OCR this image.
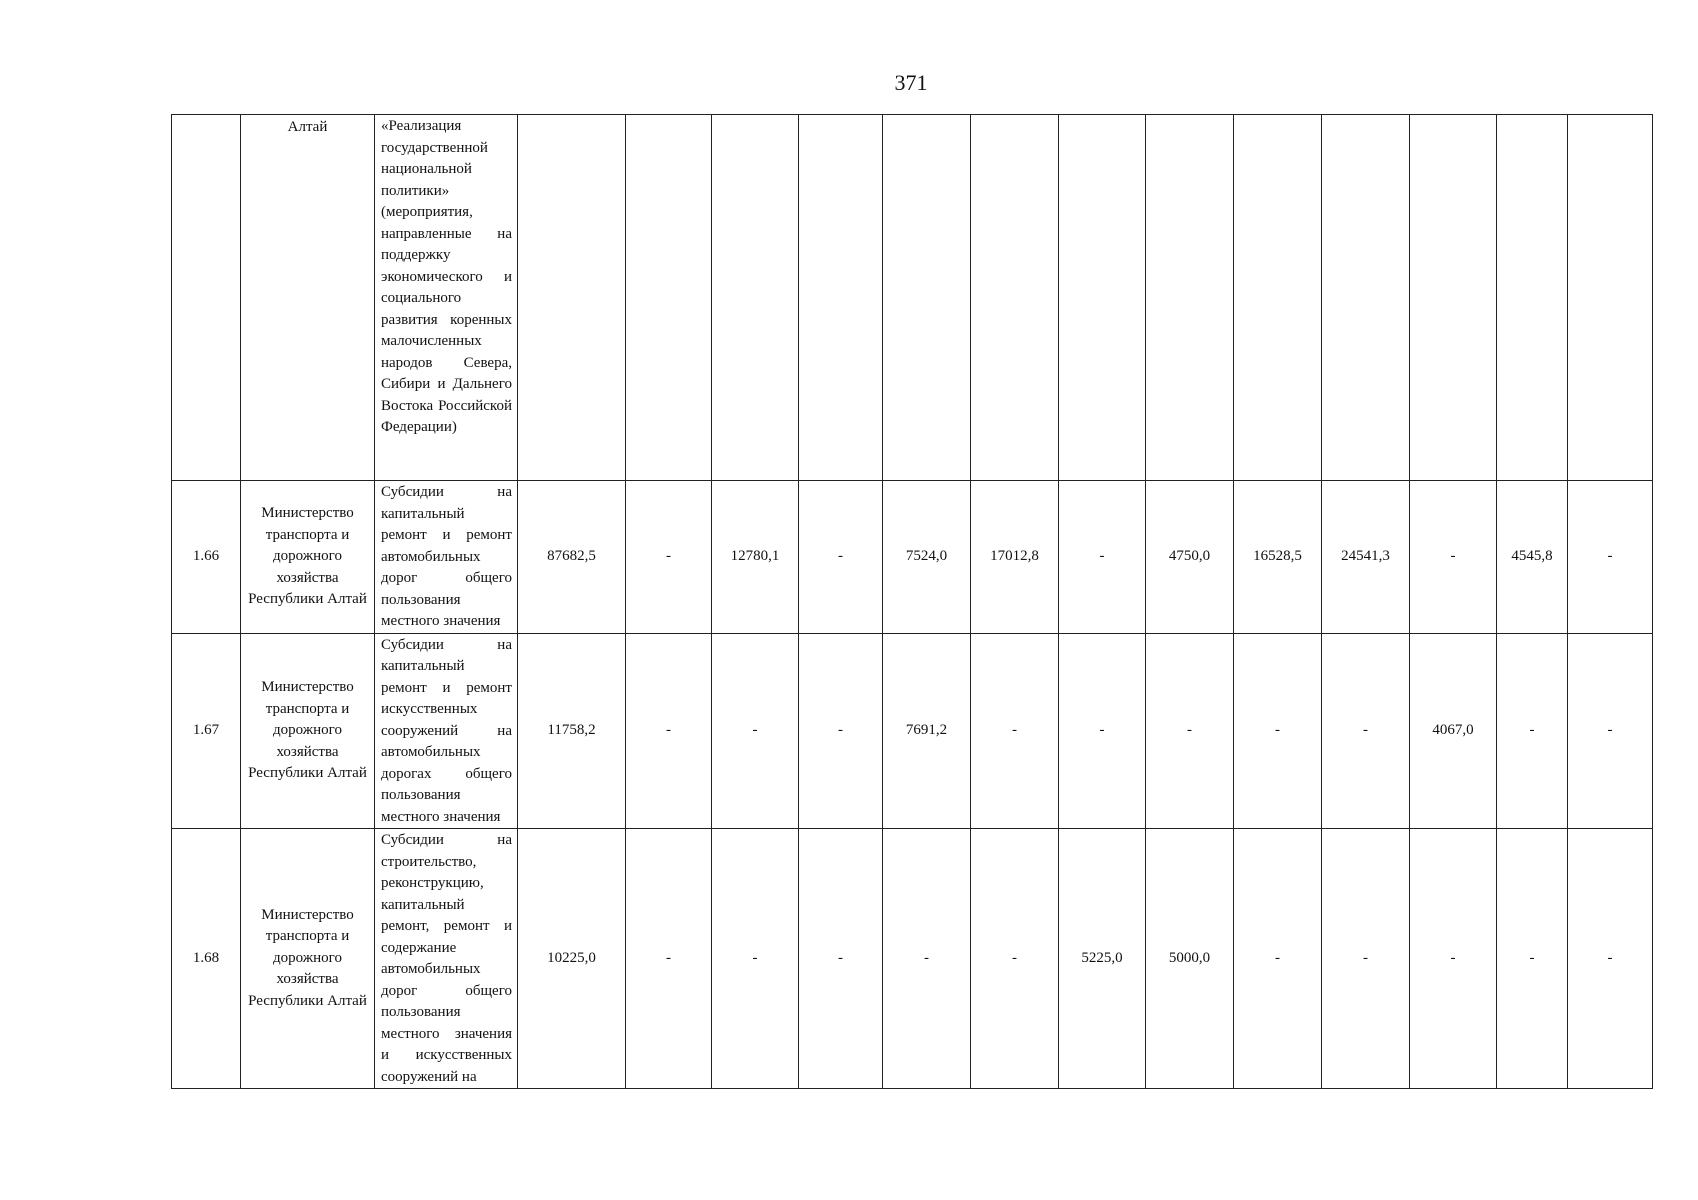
371
	Алтай	«Реализация государственной национальной политики» (мероприятия, направленные на поддержку экономического и социального развития коренных малочисленных народов Севера, Сибири и Дальнего Востока Российской Федерации)													
1.66	Министерство транспорта и дорожного хозяйства Республики Алтай	Субсидии на капитальный ремонт и ремонт автомобильных дорог общего пользования местного значения	87682,5	-	12780,1	-	7524,0	17012,8	-	4750,0	16528,5	24541,3	-	4545,8	-
1.67	Министерство транспорта и дорожного хозяйства Республики Алтай	Субсидии на капитальный ремонт и ремонт искусственных сооружений на автомобильных дорогах общего пользования местного значения	11758,2	-	-	-	7691,2	-	-	-	-	-	4067,0	-	-
1.68	Министерство транспорта и дорожного хозяйства Республики Алтай	Субсидии на строительство, реконструкцию, капитальный ремонт, ремонт и содержание автомобильных дорог общего пользования местного значения и искусственных сооружений на	10225,0	-	-	-	-	-	5225,0	5000,0	-	-	-	-	-
